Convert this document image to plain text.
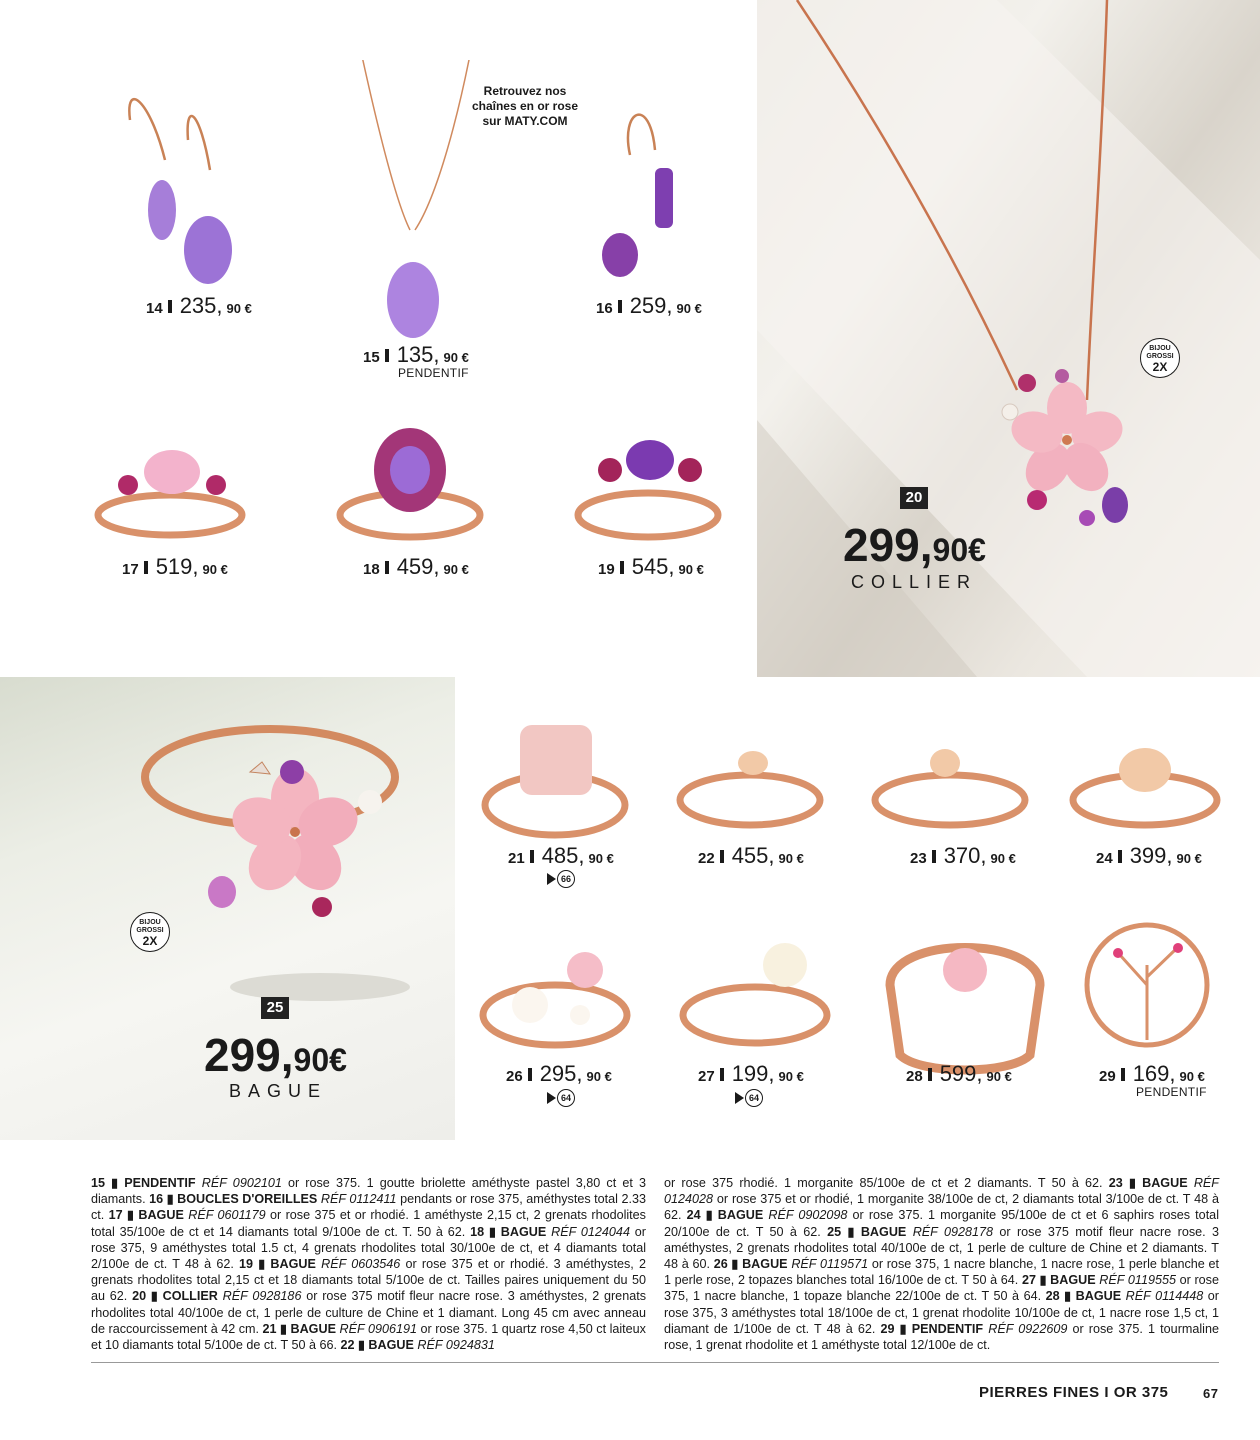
Retrouvez nos
chaînes en or rose
sur MATY.COM
14 235, 90 €
15 135, 90 €
PENDENTIF
16 259, 90 €
17 519, 90 €	18 459, 90 €	19 545, 90 €
21 485, 90 €
66
22 455, 90 €	23 370, 90 €	24 399, 90 €
26 295, 90 €
64
27 199, 90 €
64
28 599, 90 €	29 169, 90 €
PENDENTIF
BIJOU
GROSSI
2X
20
299,90€
COLLIER
BIJOU
GROSSI
2X
25
299,90€
BAGUE
15 ▮ PENDENTIF RÉF 0902101 or rose 375. 1 goutte briolette améthyste pastel 3,80 ct et 3 diamants. 16 ▮ BOUCLES D'OREILLES RÉF 0112411 pendants or rose 375, améthystes total 2.33 ct. 17 ▮ BAGUE RÉF 0601179 or rose 375 et or rhodié. 1 améthyste 2,15 ct, 2 grenats rhodolites total 35/100e de ct et 14 diamants total 9/100e de ct. T. 50 à 62. 18 ▮ BAGUE RÉF 0124044 or rose 375, 9 améthystes total 1.5 ct, 4 grenats rhodolites total 30/100e de ct, et 4 diamants total 2/100e de ct. T 48 à 62. 19 ▮ BAGUE RÉF 0603546 or rose 375 et or rhodié. 3 améthystes, 2 grenats rhodolites total 2,15 ct et 18 diamants total 5/100e de ct. Tailles paires uniquement du 50 au 62. 20 ▮ COLLIER RÉF 0928186 or rose 375 motif fleur nacre rose. 3 améthystes, 2 grenats rhodolites total 40/100e de ct, 1 perle de culture de Chine et 1 diamant. Long 45 cm avec anneau de raccourcissement à 42 cm. 21 ▮ BAGUE RÉF 0906191 or rose 375. 1 quartz rose 4,50 ct laiteux et 10 diamants total 5/100e de ct. T 50 à 66. 22 ▮ BAGUE RÉF 0924831
or rose 375 rhodié. 1 morganite 85/100e de ct et 2 diamants. T 50 à 62. 23 ▮ BAGUE RÉF 0124028 or rose 375 et or rhodié, 1 morganite 38/100e de ct, 2 diamants total 3/100e de ct. T 48 à 62. 24 ▮ BAGUE RÉF 0902098 or rose 375. 1 morganite 95/100e de ct et 6 saphirs roses total 20/100e de ct. T 50 à 62. 25 ▮ BAGUE RÉF 0928178 or rose 375 motif fleur nacre rose. 3 améthystes, 2 grenats rhodolites total 40/100e de ct, 1 perle de culture de Chine et 2 diamants. T 48 à 60. 26 ▮ BAGUE RÉF 0119571 or rose 375, 1 nacre blanche, 1 nacre rose, 1 perle blanche et 1 perle rose, 2 topazes blanches total 16/100e de ct. T 50 à 64. 27 ▮ BAGUE RÉF 0119555 or rose 375, 1 nacre blanche, 1 topaze blanche 22/100e de ct. T 50 à 64. 28 ▮ BAGUE RÉF 0114448 or rose 375, 3 améthystes total 18/100e de ct, 1 grenat rhodolite 10/100e de ct, 1 nacre rose 1,5 ct, 1 diamant de 1/100e de ct. T 48 à 62. 29 ▮ PENDENTIF RÉF 0922609 or rose 375. 1 tourmaline rose, 1 grenat rhodolite et 1 améthyste total 12/100e de ct.
PIERRES FINES I OR 375	67
